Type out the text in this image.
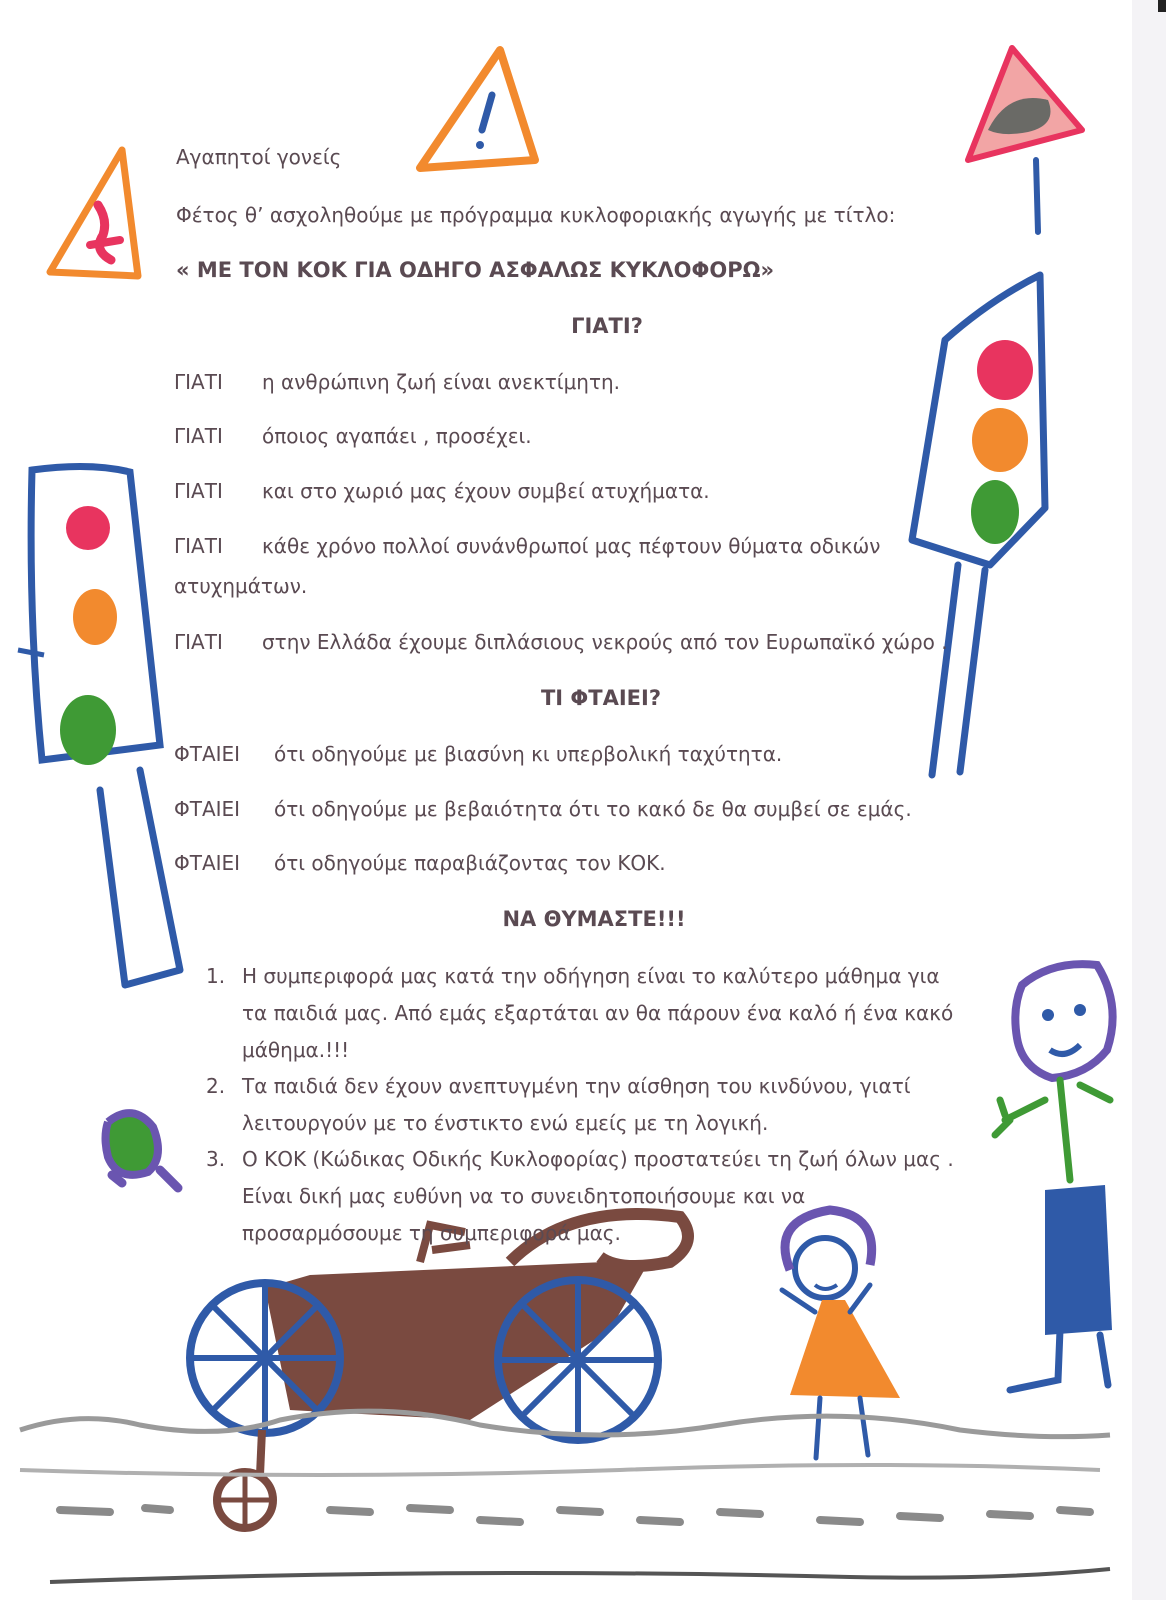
Αγαπητοί γονείς
Φέτος θ’ ασχοληθούμε με πρόγραμμα κυκλοφοριακής αγωγής με τίτλο:
« ΜΕ ΤΟΝ ΚΟΚ ΓΙΑ ΟΔΗΓΟ ΑΣΦΑΛΩΣ ΚΥΚΛΟΦΟΡΩ»
ΓΙΑΤΙ?
ΓΙΑΤΙ η ανθρώπινη ζωή είναι ανεκτίμητη.
ΓΙΑΤΙ όποιος αγαπάει , προσέχει.
ΓΙΑΤΙ και στο χωριό μας έχουν συμβεί ατυχήματα.
ΓΙΑΤΙ κάθε χρόνο πολλοί συνάνθρωποί μας πέφτουν θύματα οδικών
ατυχημάτων.
ΓΙΑΤΙ στην Ελλάδα έχουμε διπλάσιους νεκρούς από τον Ευρωπαϊκό χώρο .
ΤΙ ΦΤΑΙΕΙ?
ΦΤΑΙΕΙ ότι οδηγούμε με βιασύνη κι υπερβολική ταχύτητα.
ΦΤΑΙΕΙ ότι οδηγούμε με βεβαιότητα ότι το κακό δε θα συμβεί σε εμάς.
ΦΤΑΙΕΙ ότι οδηγούμε παραβιάζοντας τον ΚΟΚ.
ΝΑ ΘΥΜΑΣΤΕ!!!
1. Η συμπεριφορά μας κατά την οδήγηση είναι το καλύτερο μάθημα για τα παιδιά μας. Από εμάς εξαρτάται αν θα πάρουν ένα καλό ή ένα κακό μάθημα.!!!
2. Τα παιδιά δεν έχουν ανεπτυγμένη την αίσθηση του κινδύνου, γιατί λειτουργούν με το ένστικτο ενώ εμείς με τη λογική.
3. Ο ΚΟΚ (Κώδικας Οδικής Κυκλοφορίας) προστατεύει τη ζωή όλων μας . Είναι δική μας ευθύνη να το συνειδητοποιήσουμε και να προσαρμόσουμε τη συμπεριφορά μας.
